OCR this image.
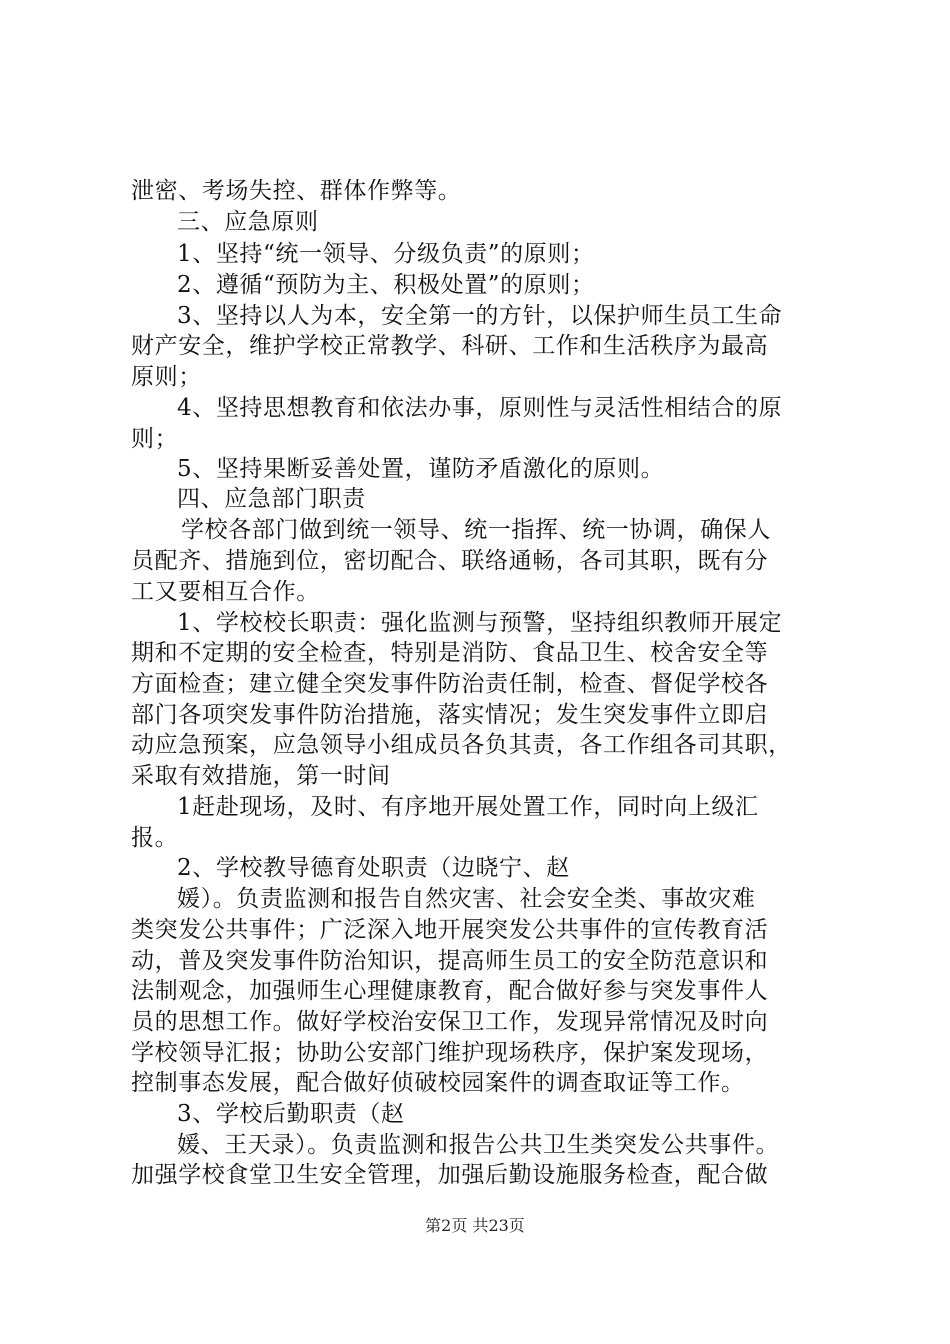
泄密、考场失控、群体作弊等。
三、应急原则
1、坚持“统一领导、分级负责”的原则；
2、遵循“预防为主、积极处置”的原则；
3、坚持以人为本，安全第一的方针，以保护师生员工生命
财产安全，维护学校正常教学、科研、工作和生活秩序为最高
原则；
4、坚持思想教育和依法办事，原则性与灵活性相结合的原
则；
5、坚持果断妥善处置，谨防矛盾激化的原则。
四、应急部门职责
学校各部门做到统一领导、统一指挥、统一协调，确保人
员配齐、措施到位，密切配合、联络通畅，各司其职，既有分
工又要相互合作。
1、学校校长职责：强化监测与预警，坚持组织教师开展定
期和不定期的安全检查，特别是消防、食品卫生、校舍安全等
方面检查；建立健全突发事件防治责任制，检查、督促学校各
部门各项突发事件防治措施，落实情况；发生突发事件立即启
动应急预案，应急领导小组成员各负其责，各工作组各司其职，
采取有效措施，第一时间
1赶赴现场，及时、有序地开展处置工作，同时向上级汇
报。
2、学校教导德育处职责（边晓宁、赵
媛）。负责监测和报告自然灾害、社会安全类、事故灾难
类突发公共事件；广泛深入地开展突发公共事件的宣传教育活
动，普及突发事件防治知识，提高师生员工的安全防范意识和
法制观念，加强师生心理健康教育，配合做好参与突发事件人
员的思想工作。做好学校治安保卫工作，发现异常情况及时向
学校领导汇报；协助公安部门维护现场秩序，保护案发现场，
控制事态发展，配合做好侦破校园案件的调查取证等工作。
3、学校后勤职责（赵
媛、王天录）。负责监测和报告公共卫生类突发公共事件。
加强学校食堂卫生安全管理，加强后勤设施服务检查，配合做
第2页 共23页
